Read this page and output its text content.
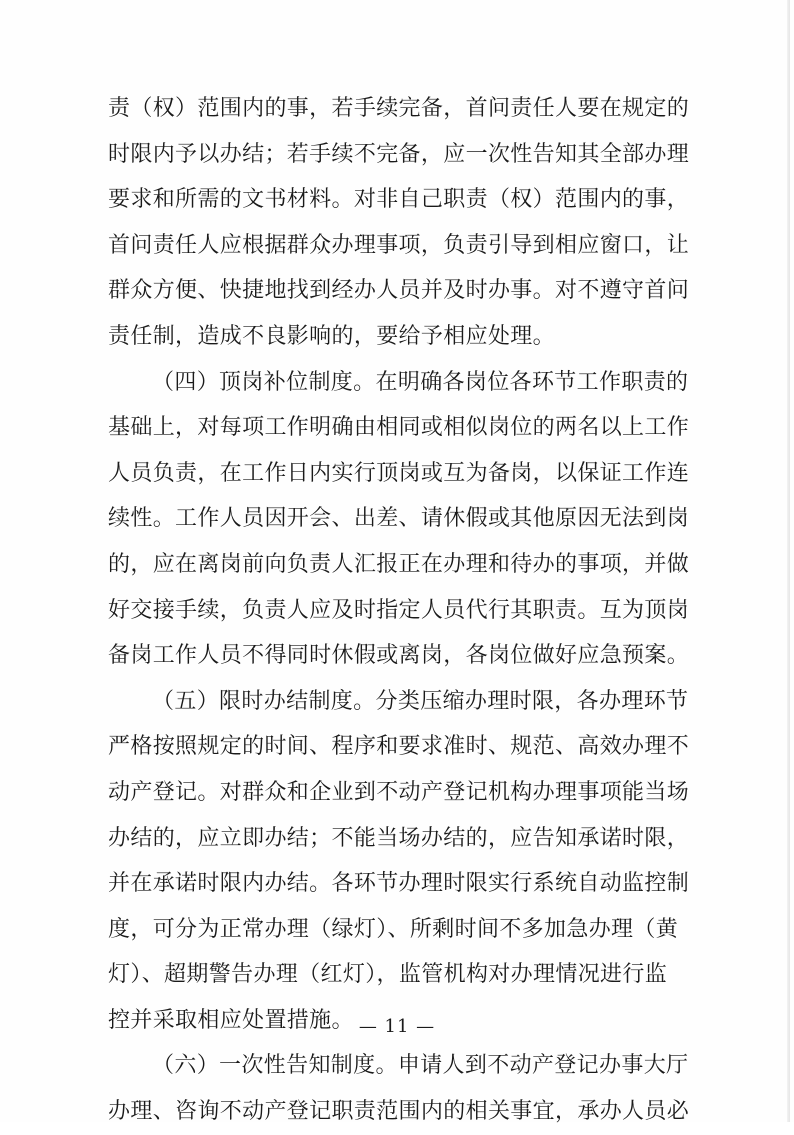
责（权）范围内的事，若手续完备，首问责任人要在规定的
时限内予以办结；若手续不完备，应一次性告知其全部办理
要求和所需的文书材料。对非自己职责（权）范围内的事，
首问责任人应根据群众办理事项，负责引导到相应窗口，让
群众方便、快捷地找到经办人员并及时办事。对不遵守首问
责任制，造成不良影响的，要给予相应处理。
（四）顶岗补位制度。在明确各岗位各环节工作职责的
基础上，对每项工作明确由相同或相似岗位的两名以上工作
人员负责，在工作日内实行顶岗或互为备岗，以保证工作连
续性。工作人员因开会、出差、请休假或其他原因无法到岗
的，应在离岗前向负责人汇报正在办理和待办的事项，并做
好交接手续，负责人应及时指定人员代行其职责。互为顶岗
备岗工作人员不得同时休假或离岗，各岗位做好应急预案。
（五）限时办结制度。分类压缩办理时限，各办理环节
严格按照规定的时间、程序和要求准时、规范、高效办理不
动产登记。对群众和企业到不动产登记机构办理事项能当场
办结的，应立即办结；不能当场办结的，应告知承诺时限，
并在承诺时限内办结。各环节办理时限实行系统自动监控制
度，可分为正常办理（绿灯）、所剩时间不多加急办理（黄
灯）、超期警告办理（红灯），监管机构对办理情况进行监
控并采取相应处置措施。
（六）一次性告知制度。申请人到不动产登记办事大厅
办理、咨询不动产登记职责范围内的相关事宜，承办人员必
— 11 —
